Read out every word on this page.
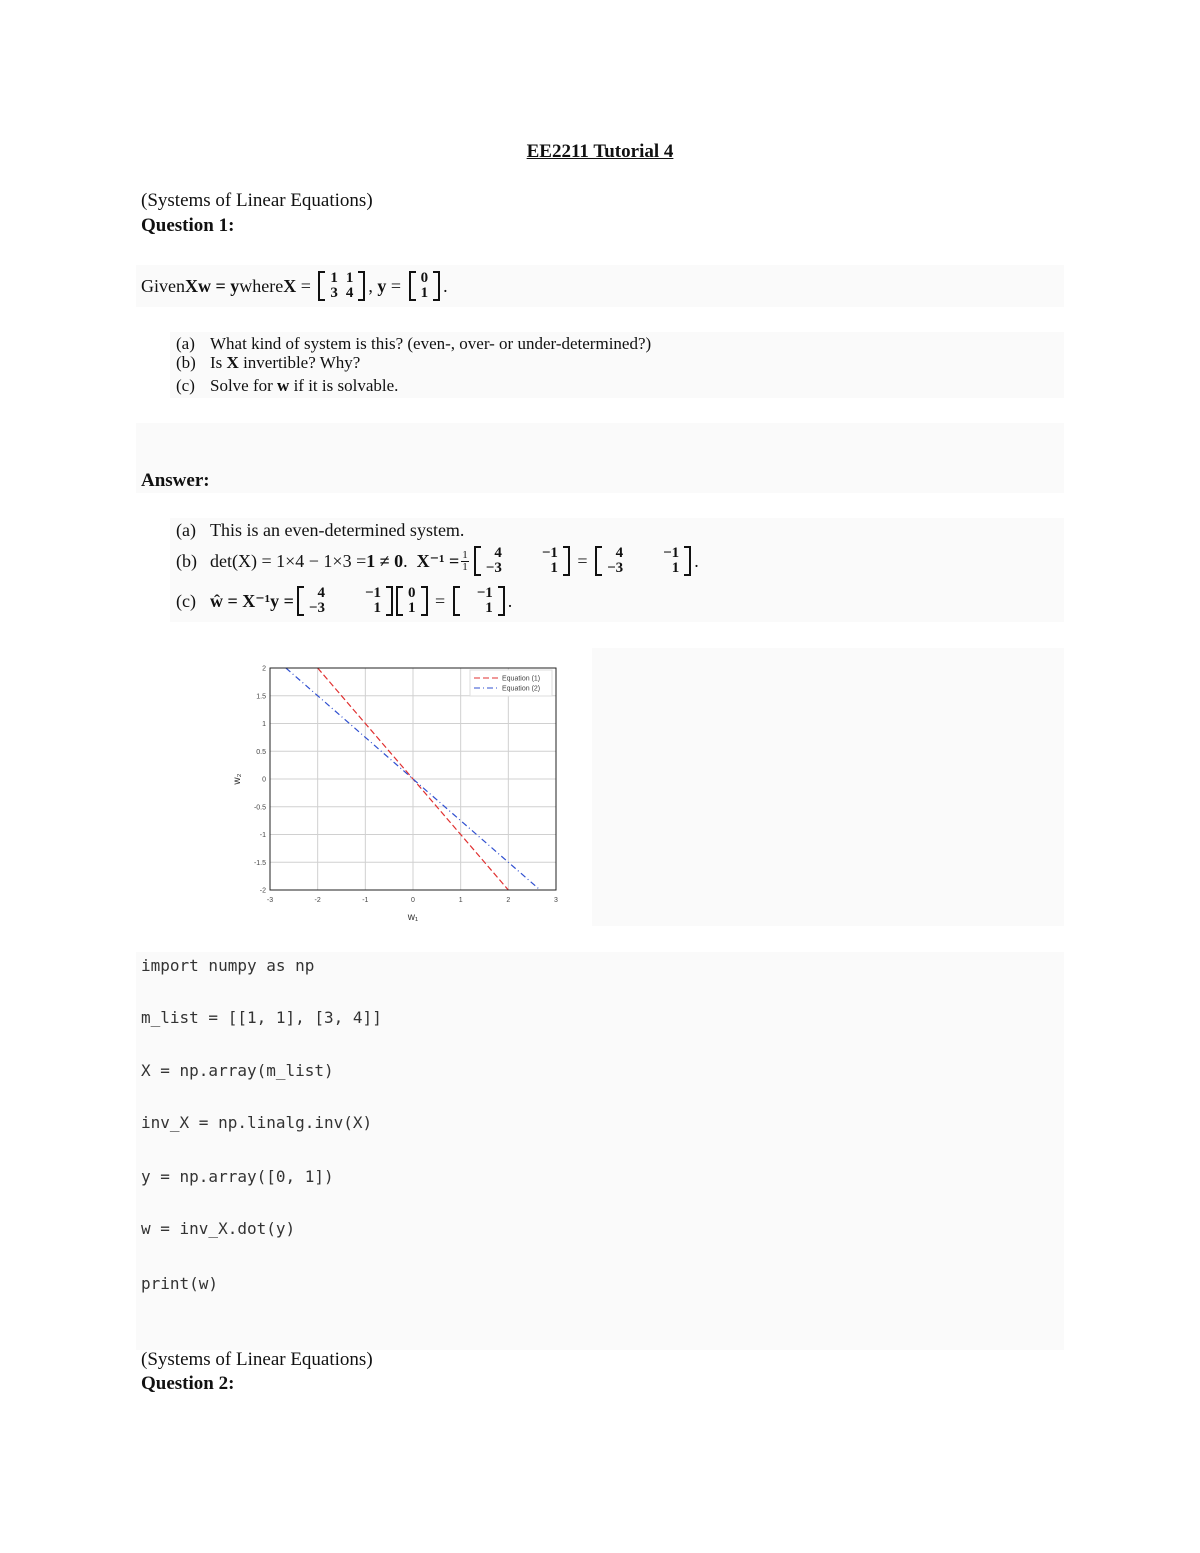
EE2211 Tutorial 4
(Systems of Linear Equations)
Question 1:
Given Xw = y where X = 1	1
3	4 , y = 0
1 .
(a) What kind of system is this? (even-, over- or under-determined?)
(b) Is X invertible? Why?
(c) Solve for w if it is solvable.
Answer:
(a) This is an even-determined system.
(b) det(X) = 1×4 − 1×3 = 1 ≠ 0 . $X^{-1} = \frac{1}{1} 4$	−1
−3	1 = 4	−1
−3	1 .
(c) ŵ = X⁻¹y = 4	−1
−3	1
0
1 = −1
1 .
-3	-2	-1	0	1	2	3
2
1.5
1
0.5
0
-0.5
-1
-1.5
-2
Equation (1)
Equation (2)
w₁
w₂
import numpy as np
m_list = [[1, 1], [3, 4]]
X = np.array(m_list)
inv_X = np.linalg.inv(X)
y = np.array([0, 1])
w = inv_X.dot(y)
print(w)
(Systems of Linear Equations)
Question 2:
